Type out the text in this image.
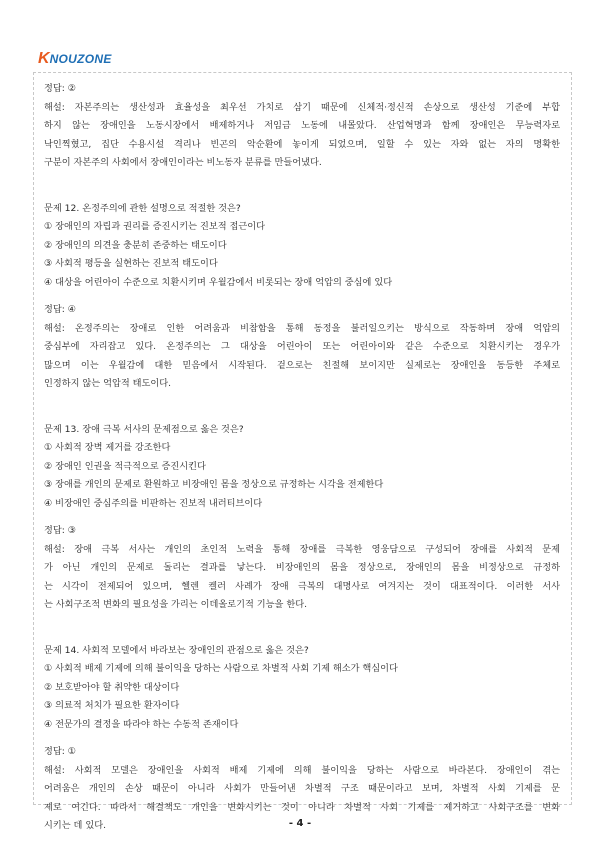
K NOUZONE
정답: ②
해설: 자본주의는 생산성과 효율성을 최우선 가치로 삼기 때문에 신체적·정신적 손상으로 생산성 기준에 부합
하지 않는 장애인을 노동시장에서 배제하거나 저임금 노동에 내몰았다. 산업혁명과 함께 장애인은 무능력자로
낙인찍혔고, 집단 수용시설 격리나 빈곤의 악순환에 놓이게 되었으며, 일할 수 있는 자와 없는 자의 명확한
구분이 자본주의 사회에서 장애인이라는 비노동자 분류를 만들어냈다.
문제 12. 온정주의에 관한 설명으로 적절한 것은?
① 장애인의 자립과 권리를 증진시키는 진보적 접근이다
② 장애인의 의견을 충분히 존중하는 태도이다
③ 사회적 평등을 실현하는 진보적 태도이다
④ 대상을 어린아이 수준으로 치환시키며 우월감에서 비롯되는 장애 억압의 중심에 있다
정답: ④
해설: 온정주의는 장애로 인한 어려움과 비참함을 통해 동정을 불러일으키는 방식으로 작동하며 장애 억압의
중심부에 자리잡고 있다. 온정주의는 그 대상을 어린아이 또는 어린아이와 같은 수준으로 치환시키는 경우가
많으며 이는 우월감에 대한 믿음에서 시작된다. 겉으로는 친절해 보이지만 실제로는 장애인을 동등한 주체로
인정하지 않는 억압적 태도이다.
문제 13. 장애 극복 서사의 문제점으로 옳은 것은?
① 사회적 장벽 제거를 강조한다
② 장애인 인권을 적극적으로 증진시킨다
③ 장애를 개인의 문제로 환원하고 비장애인 몸을 정상으로 규정하는 시각을 전제한다
④ 비장애인 중심주의를 비판하는 진보적 내러티브이다
정답: ③
해설: 장애 극복 서사는 개인의 초인적 노력을 통해 장애를 극복한 영웅담으로 구성되어 장애를 사회적 문제
가 아닌 개인의 문제로 돌리는 결과를 낳는다. 비장애인의 몸을 정상으로, 장애인의 몸을 비정상으로 규정하
는 시각이 전제되어 있으며, 헬렌 켈러 사례가 장애 극복의 대명사로 여겨지는 것이 대표적이다. 이러한 서사
는 사회구조적 변화의 필요성을 가리는 이데올로기적 기능을 한다.
문제 14. 사회적 모델에서 바라보는 장애인의 관점으로 옳은 것은?
① 사회적 배제 기제에 의해 불이익을 당하는 사람으로 차별적 사회 기제 해소가 핵심이다
② 보호받아야 할 취약한 대상이다
③ 의료적 처치가 필요한 환자이다
④ 전문가의 결정을 따라야 하는 수동적 존재이다
정답: ①
해설: 사회적 모델은 장애인을 사회적 배제 기제에 의해 불이익을 당하는 사람으로 바라본다. 장애인이 겪는
어려움은 개인의 손상 때문이 아니라 사회가 만들어낸 차별적 구조 때문이라고 보며, 차별적 사회 기제를 문
제로 여긴다. 따라서 해결책도 개인을 변화시키는 것이 아니라 차별적 사회 기제를 제거하고 사회구조를 변화
시키는 데 있다.	- 4 -
